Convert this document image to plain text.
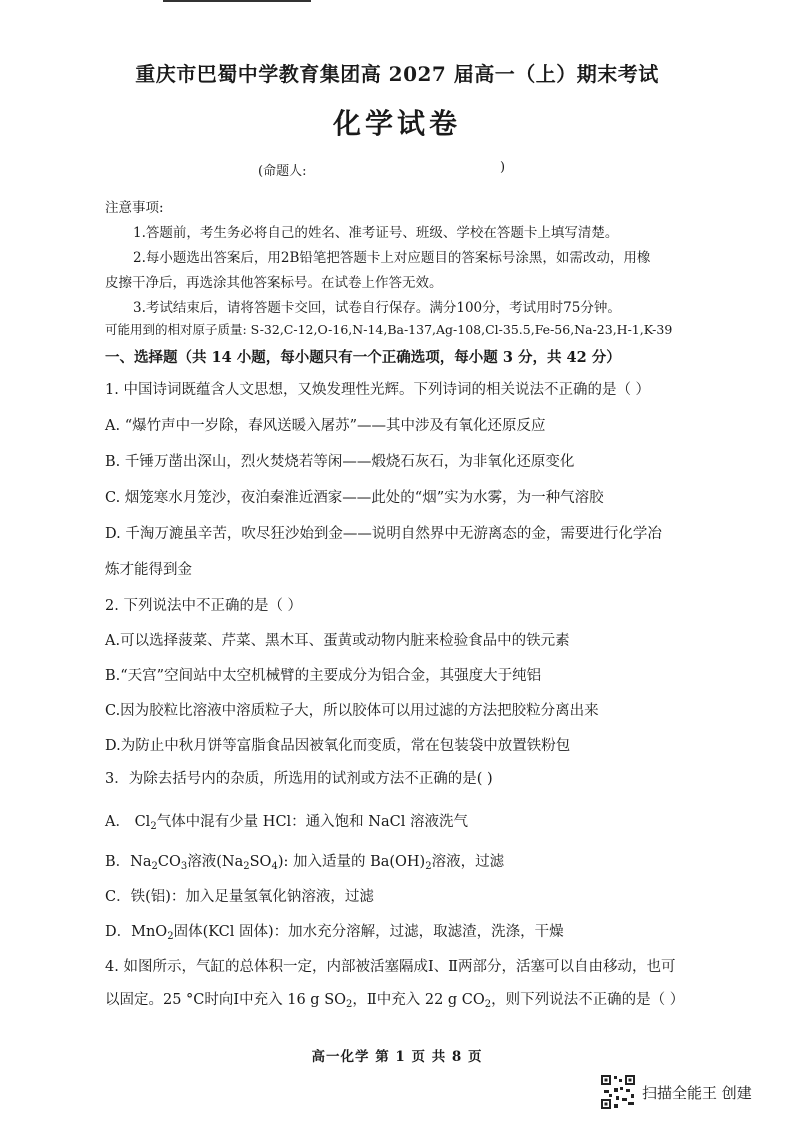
重庆市巴蜀中学教育集团高 2027 届高一（上）期末考试
化学试卷
(命题人:	)
注意事项:
1.答题前，考生务必将自己的姓名、准考证号、班级、学校在答题卡上填写清楚。
2.每小题选出答案后，用2B铅笔把答题卡上对应题目的答案标号涂黑，如需改动，用橡
皮擦干净后，再选涂其他答案标号。在试卷上作答无效。
3.考试结束后，请将答题卡交回，试卷自行保存。满分100分，考试用时75分钟。
可能用到的相对原子质量: S-32,C-12,O-16,N-14,Ba-137,Ag-108,Cl-35.5,Fe-56,Na-23,H-1,K-39
一、选择题（共 14 小题，每小题只有一个正确选项，每小题 3 分，共 42 分）
1. 中国诗词既蕴含人文思想，又焕发理性光辉。下列诗词的相关说法不正确的是（ ）
A. “爆竹声中一岁除，春风送暖入屠苏”——其中涉及有氧化还原反应
B. 千锤万凿出深山，烈火焚烧若等闲——煅烧石灰石，为非氧化还原变化
C. 烟笼寒水月笼沙，夜泊秦淮近酒家——此处的“烟”实为水雾，为一种气溶胶
D. 千淘万漉虽辛苦，吹尽狂沙始到金——说明自然界中无游离态的金，需要进行化学冶
炼才能得到金
2. 下列说法中不正确的是（ ）
A.可以选择菠菜、芹菜、黑木耳、蛋黄或动物内脏来检验食品中的铁元素
B.“天宫”空间站中太空机械臂的主要成分为铝合金，其强度大于纯铝
C.因为胶粒比溶液中溶质粒子大，所以胶体可以用过滤的方法把胶粒分离出来
D.为防止中秋月饼等富脂食品因被氧化而变质，常在包装袋中放置铁粉包
3．为除去括号内的杂质，所选用的试剂或方法不正确的是( )
A． $Cl_2$气体中混有少量 HCl：通入饱和 NaCl 溶液洗气
B．$Na_2CO_3$溶液$(Na_2SO_4)$: 加入适量的 $Ba(OH)_2$溶液，过滤
C．铁(铝)：加入足量氢氧化钠溶液，过滤
D．MnO$_2$固体(KCl 固体)：加水充分溶解，过滤，取滤渣，洗涤，干燥
4. 如图所示，气缸的总体积一定，内部被活塞隔成Ⅰ、Ⅱ两部分，活塞可以自由移动，也可
以固定。25 °C时向Ⅰ中充入 16 g $SO_2$，Ⅱ中充入 22 g $CO_2$，则下列说法不正确的是（ ）
高一化学 第 1 页 共 8 页
扫描全能王 创建
